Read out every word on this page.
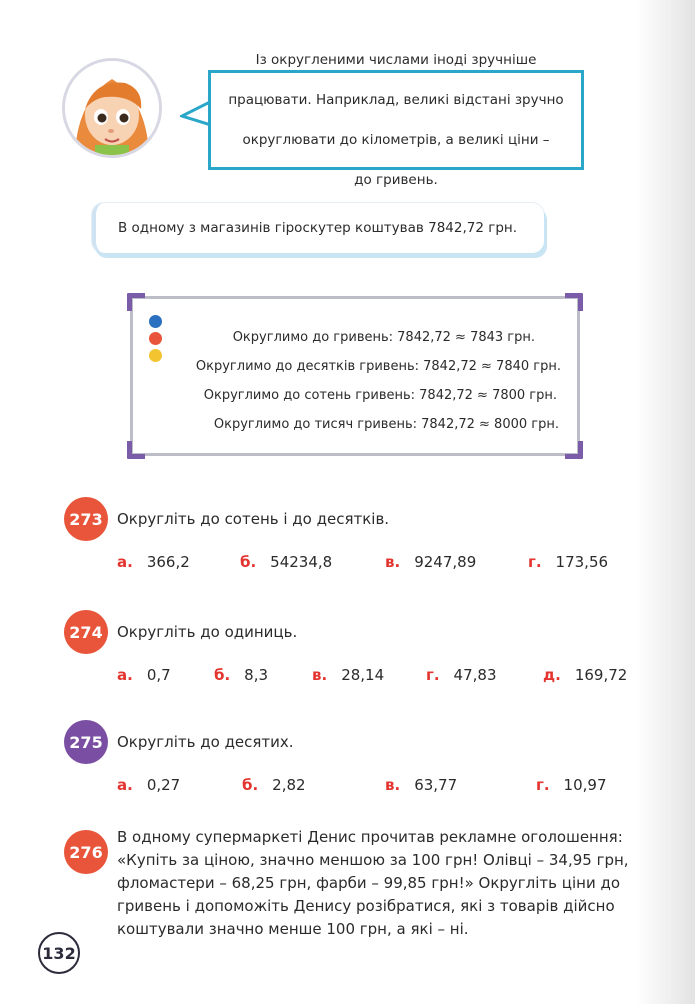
Із округленими числами іноді зручніше

працювати. Наприклад, великі відстані зручно

округлювати до кілометрів, а великі ціни –

до гривень.

В одному з магазинів гіроскутер коштував 7842,72 грн.
Округлимо до гривень: 7842,72 ≈ 7843 грн.
Округлимо до десятків гривень: 7842,72 ≈ 7840 грн.
Округлимо до сотень гривень: 7842,72 ≈ 7800 грн.
Округлимо до тисяч гривень: 7842,72 ≈ 8000 грн.
273 Округліть до сотень і до десятків.
а. 366,2	б. 54234,8	в. 9247,89	г. 173,56
274 Округліть до одиниць.
а. 0,7	б. 8,3	в. 28,14	г. 47,83	д. 169,72
275 Округліть до десятих.
а. 0,27	б. 2,82	в. 63,77	г. 10,97
276
В одному супермаркеті Денис прочитав рекламне оголошення:
«Купіть за ціною, значно меншою за 100 грн! Олівці – 34,95 грн,
фломастери – 68,25 грн, фарби – 99,85 грн!» Округліть ціни до
гривень і допоможіть Денису розібратися, які з товарів дійсно
коштували значно менше 100 грн, а які – ні.
132
